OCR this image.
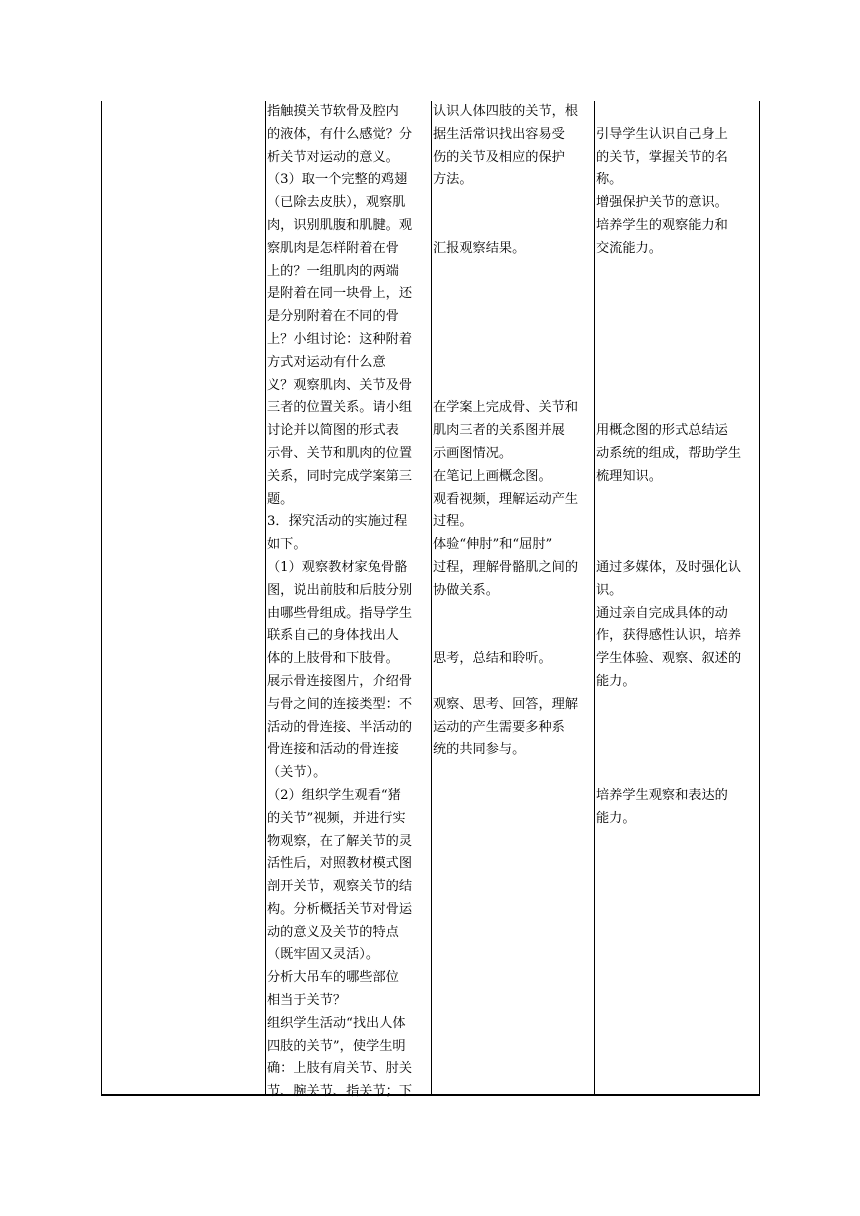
指触摸关节软骨及腔内
的液体，有什么感觉？分
析关节对运动的意义。
（3）取一个完整的鸡翅
（已除去皮肤），观察肌
肉，识别肌腹和肌腱。观
察肌肉是怎样附着在骨
上的？一组肌肉的两端
是附着在同一块骨上，还
是分别附着在不同的骨
上？小组讨论：这种附着
方式对运动有什么意
义？观察肌肉、关节及骨
三者的位置关系。请小组
讨论并以简图的形式表
示骨、关节和肌肉的位置
关系，同时完成学案第三
题。
3．探究活动的实施过程
如下。
（1）观察教材家兔骨骼
图，说出前肢和后肢分别
由哪些骨组成。指导学生
联系自己的身体找出人
体的上肢骨和下肢骨。
展示骨连接图片，介绍骨
与骨之间的连接类型：不
活动的骨连接、半活动的
骨连接和活动的骨连接
（关节）。
（2）组织学生观看“猪
的关节”视频，并进行实
物观察，在了解关节的灵
活性后，对照教材模式图
剖开关节，观察关节的结
构。分析概括关节对骨运
动的意义及关节的特点
（既牢固又灵活）。
分析大吊车的哪些部位
相当于关节？
组织学生活动“找出人体
四肢的关节”，使学生明
确：上肢有肩关节、肘关
节、腕关节、指关节；下
认识人体四肢的关节，根
据生活常识找出容易受
伤的关节及相应的保护
方法。
汇报观察结果。
在学案上完成骨、关节和
肌肉三者的关系图并展
示画图情况。
在笔记上画概念图。
观看视频，理解运动产生
过程。
体验“伸肘”和“屈肘”
过程，理解骨骼肌之间的
协做关系。
思考，总结和聆听。
观察、思考、回答，理解
运动的产生需要多种系
统的共同参与。
引导学生认识自己身上
的关节，掌握关节的名
称。
增强保护关节的意识。
培养学生的观察能力和
交流能力。
用概念图的形式总结运
动系统的组成，帮助学生
梳理知识。
通过多媒体，及时强化认
识。
通过亲自完成具体的动
作，获得感性认识，培养
学生体验、观察、叙述的
能力。
培养学生观察和表达的
能力。
